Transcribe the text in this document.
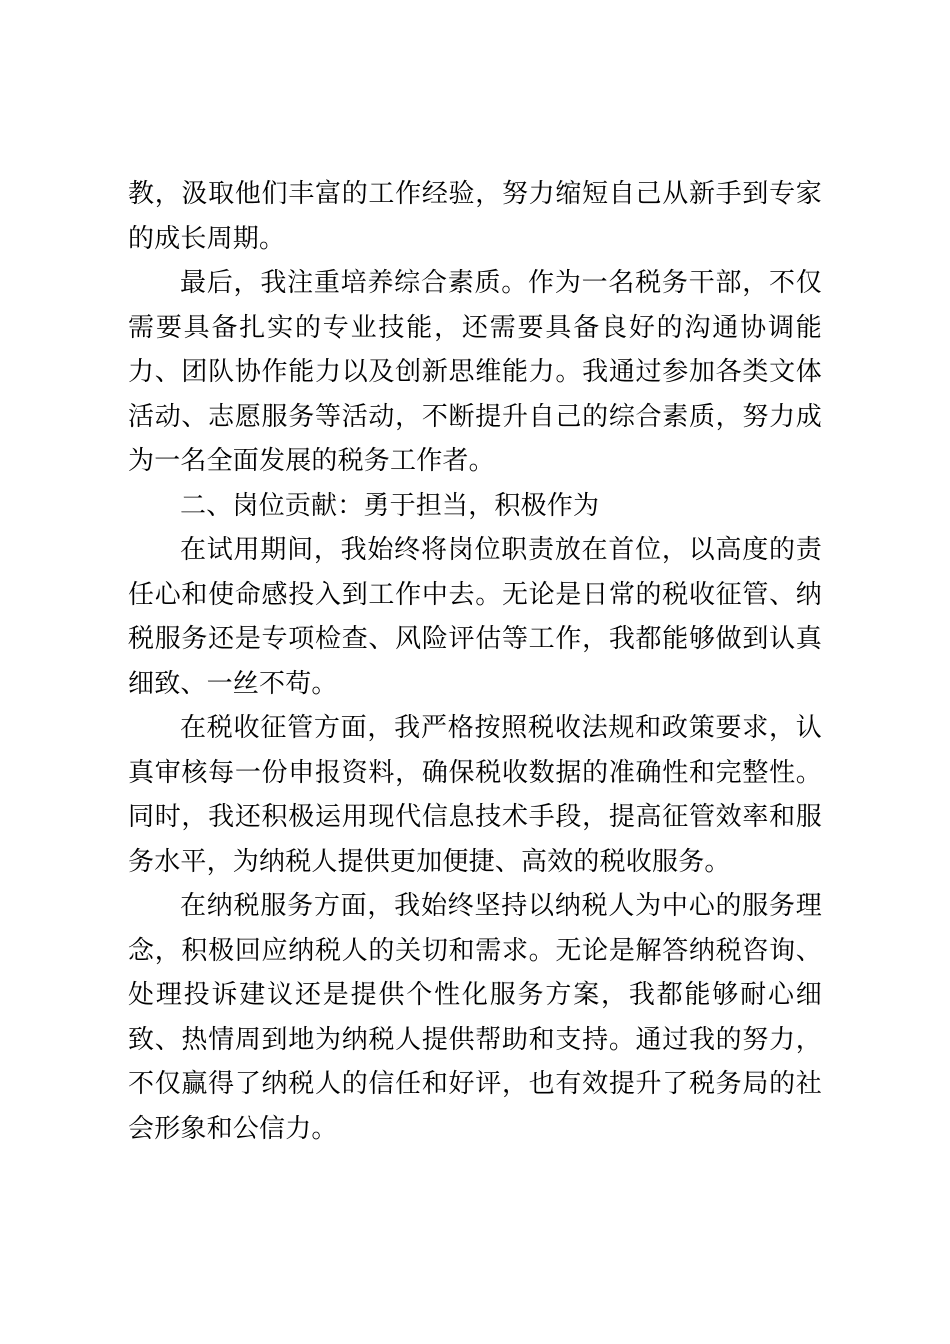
教，汲取他们丰富的工作经验，努力缩短自己从新手到专家的成长周期。

最后，我注重培养综合素质。作为一名税务干部，不仅需要具备扎实的专业技能，还需要具备良好的沟通协调能力、团队协作能力以及创新思维能力。我通过参加各类文体活动、志愿服务等活动，不断提升自己的综合素质，努力成为一名全面发展的税务工作者。

二、岗位贡献：勇于担当，积极作为

在试用期间，我始终将岗位职责放在首位，以高度的责任心和使命感投入到工作中去。无论是日常的税收征管、纳税服务还是专项检查、风险评估等工作，我都能够做到认真细致、一丝不苟。

在税收征管方面，我严格按照税收法规和政策要求，认真审核每一份申报资料，确保税收数据的准确性和完整性。同时，我还积极运用现代信息技术手段，提高征管效率和服务水平，为纳税人提供更加便捷、高效的税收服务。

在纳税服务方面，我始终坚持以纳税人为中心的服务理念，积极回应纳税人的关切和需求。无论是解答纳税咨询、处理投诉建议还是提供个性化服务方案，我都能够耐心细致、热情周到地为纳税人提供帮助和支持。通过我的努力，不仅赢得了纳税人的信任和好评，也有效提升了税务局的社会形象和公信力。
